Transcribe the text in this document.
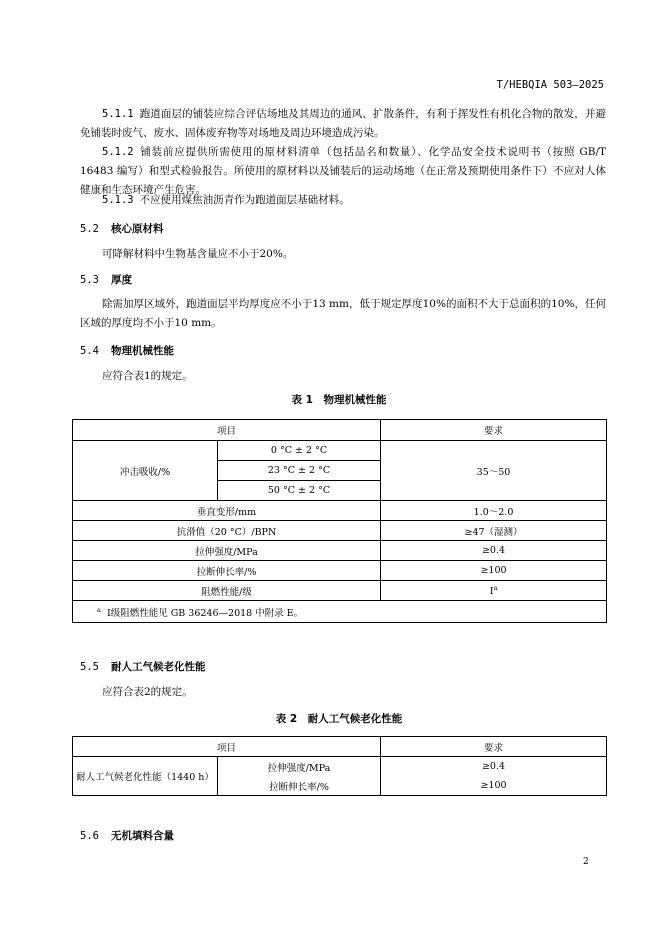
T/HEBQIA 503—2025
5.1.1 跑道面层的铺装应综合评估场地及其周边的通风、扩散条件，有利于挥发性有机化合物的散发，并避免铺装时废气、废水、固体废弃物等对场地及周边环境造成污染。
5.1.2 铺装前应提供所需使用的原材料清单（包括品名和数量）、化学品安全技术说明书（按照 GB/T 16483 编写）和型式检验报告。所使用的原材料以及铺装后的运动场地（在正常及预期使用条件下）不应对人体健康和生态环境产生危害。
5.1.3 不应使用煤焦油沥青作为跑道面层基础材料。
5.2 核心原材料
可降解材料中生物基含量应不小于20%。
5.3 厚度
除需加厚区域外，跑道面层平均厚度应不小于13 mm，低于规定厚度10%的面积不大于总面积的10%，任何区域的厚度均不小于10 mm。
5.4 物理机械性能
应符合表1的规定。
表 1　物理机械性能
项目		要求
冲击吸收/%	0 °C ± 2 °C	35～50
	23 °C ± 2 °C	
	50 °C ± 2 °C	
垂直变形/mm		1.0～2.0
抗滑值（20 °C）/BPN		≥47（湿测）
拉伸强度/MPa		≥0.4
拉断伸长率/%		≥100
阻燃性能/级		$I^a$
$^a$ I级阻燃性能见 GB 36246—2018 中附录 E。		
5.5 耐人工气候老化性能
应符合表2的规定。
表 2　耐人工气候老化性能
项目		要求
耐人工气候老化性能（1440 h）	拉伸强度/MPa	≥0.4
	拉断伸长率/%	≥100
5.6 无机填料含量
2
